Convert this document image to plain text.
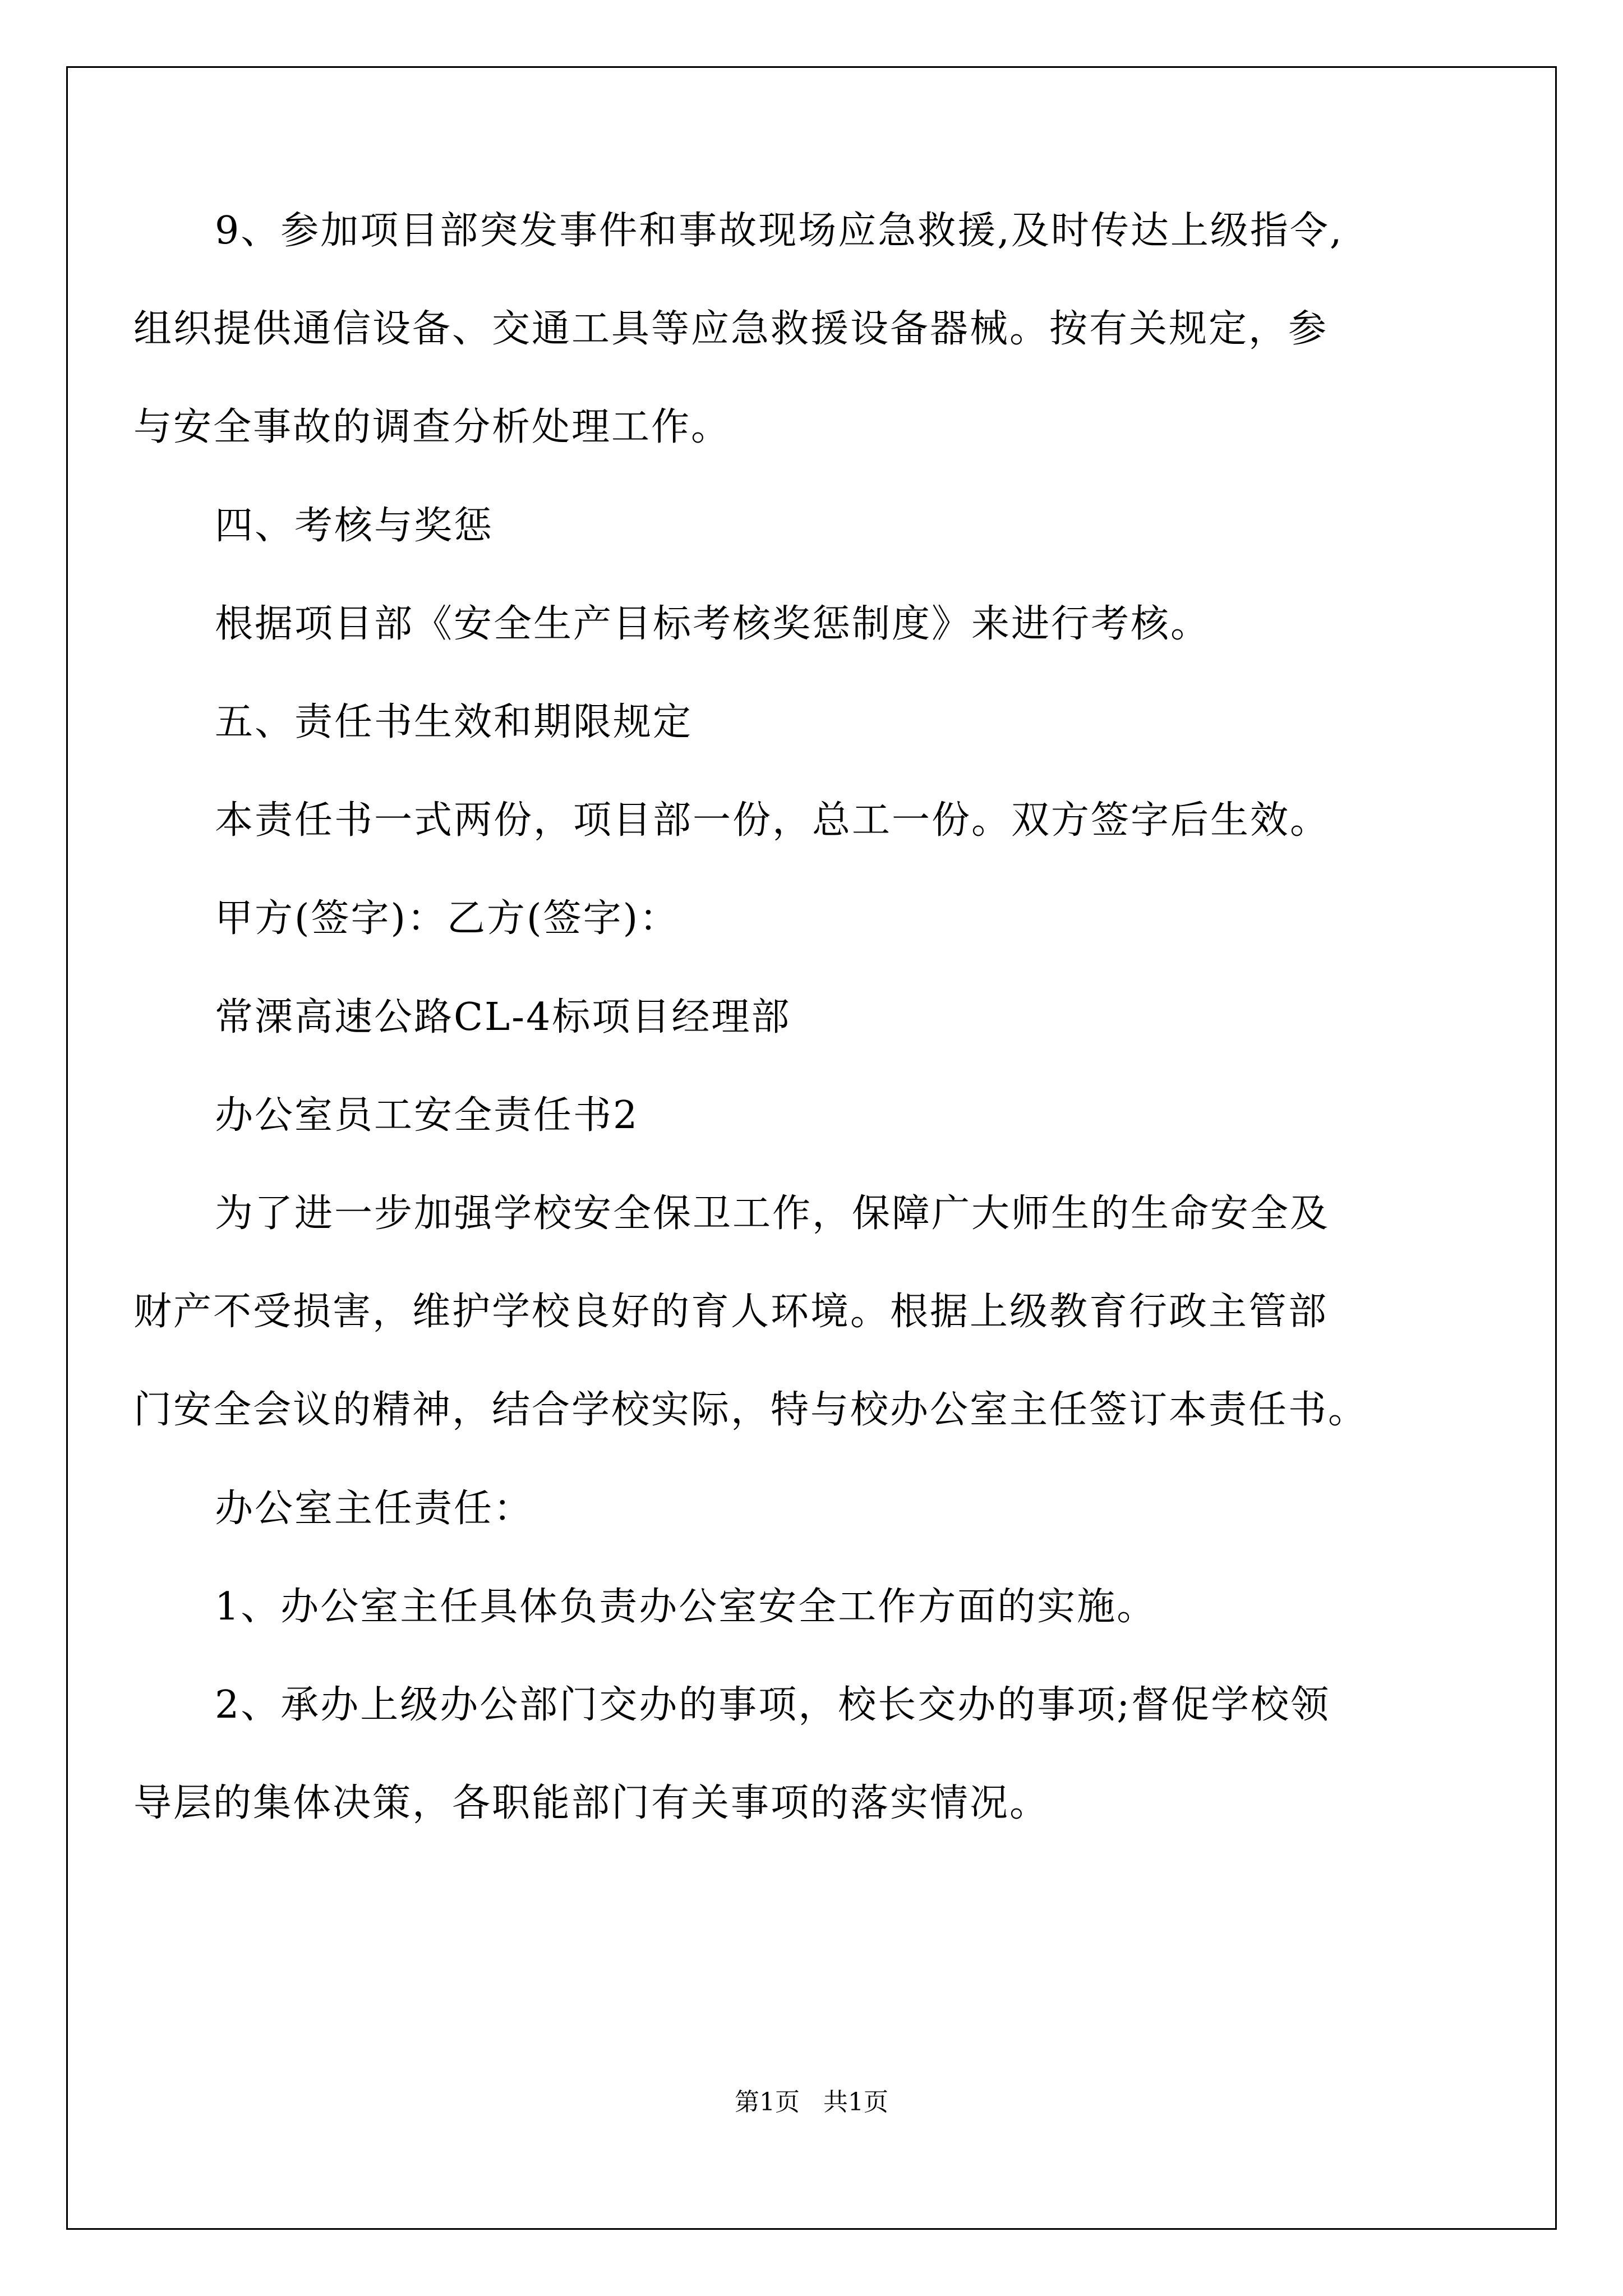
9、参加项目部突发事件和事故现场应急救援,及时传达上级指令,
组织提供通信设备、交通工具等应急救援设备器械。按有关规定，参
与安全事故的调查分析处理工作。
四、考核与奖惩
根据项目部《安全生产目标考核奖惩制度》来进行考核。
五、责任书生效和期限规定
本责任书一式两份，项目部一份，总工一份。双方签字后生效。
甲方(签字)：乙方(签字)：
常溧高速公路CL-4标项目经理部
办公室员工安全责任书2
为了进一步加强学校安全保卫工作，保障广大师生的生命安全及
财产不受损害，维护学校良好的育人环境。根据上级教育行政主管部
门安全会议的精神，结合学校实际，特与校办公室主任签订本责任书。
办公室主任责任：
1、办公室主任具体负责办公室安全工作方面的实施。
2、承办上级办公部门交办的事项，校长交办的事项;督促学校领
导层的集体决策，各职能部门有关事项的落实情况。
第1页 共1页
